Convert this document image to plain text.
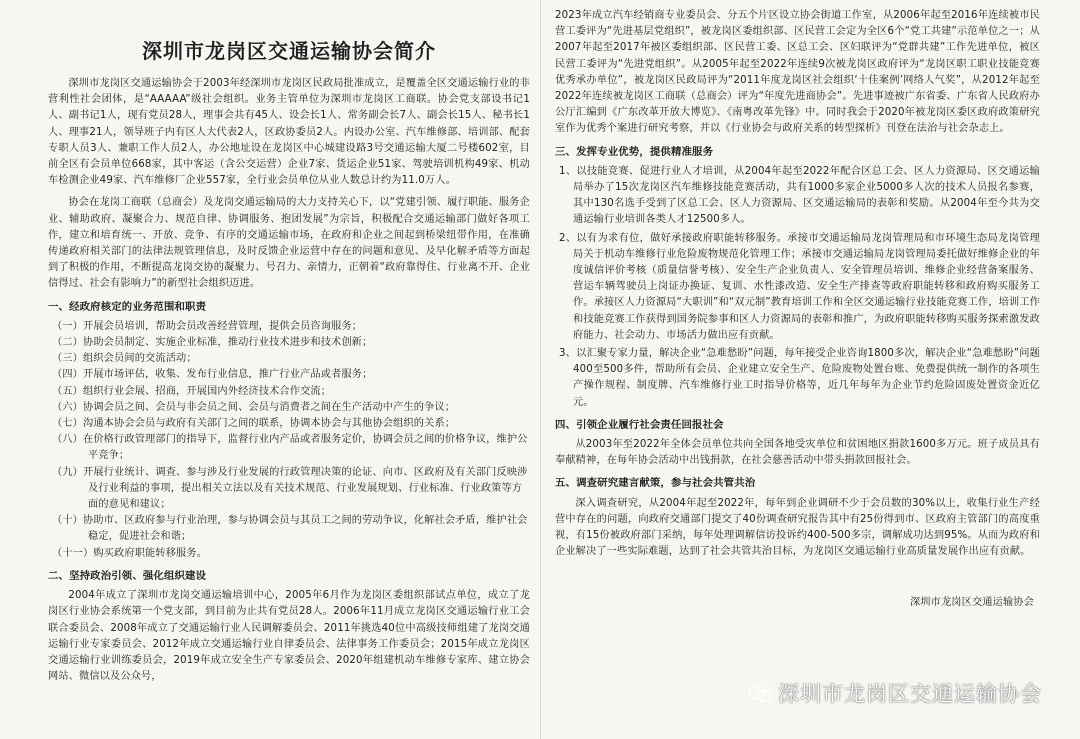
深圳市龙岗区交通运输协会简介
深圳市龙岗区交通运输协会于2003年经深圳市龙岗区民政局批准成立，是覆盖全区交通运输行业的非营利性社会团体，是“AAAAA”级社会组织。业务主管单位为深圳市龙岗区工商联。协会党支部设书记1人、副书记1人，现有党员28人，理事会共有45人、设会长1人、常务副会长7人、副会长15人、秘书长1人、理事21人，领导班子内有区人大代表2人，区政协委员2人。内设办公室、汽车维修部、培训部、配套专职人员3人、兼职工作人员2人，办公地址设在龙岗区中心城建设路3号交通运输大厦二号楼602室，目前全区有会员单位668家，其中客运（含公交运营）企业7家、货运企业51家、驾驶培训机构49家、机动车检测企业49家、汽车维修厂企业557家，全行业会员单位从业人数总计约为11.0万人。
协会在龙岗工商联（总商会）及龙岗交通运输局的大力支持关心下，以“党建引领、履行职能、服务企业、辅助政府、凝聚合力、规范自律、协调服务、抱团发展”为宗旨，积极配合交通运输部门做好各项工作，建立和培育统一、开放、竞争、有序的交通运输市场，在政府和企业之间起到桥梁纽带作用，在准确传递政府相关部门的法律法规管理信息，及时反馈企业运营中存在的问题和意见、及早化解矛盾等方面起到了积极的作用，不断提高龙岗交协的凝聚力、号召力、亲情力，正朝着“政府靠得住、行业离不开、企业信得过、社会有影响力”的新型社会组织迈进。
一、经政府核定的业务范围和职责
（一）开展会员培训，帮助会员改善经营管理，提供会员咨询服务；
（二）协助会员制定、实施企业标准，推动行业技术进步和技术创新；
（三）组织会员间的交流活动；
（四）开展市场评估，收集、发布行业信息，推广行业产品或者服务；
（五）组织行业会展、招商，开展国内外经济技术合作交流；
（六）协调会员之间、会员与非会员之间、会员与消费者之间在生产活动中产生的争议；
（七）沟通本协会会员与政府有关部门之间的联系，协调本协会与其他协会组织的关系；
（八）在价格行政管理部门的指导下，监督行业内产品或者服务定价，协调会员之间的价格争议，维护公平竞争；
（九）开展行业统计、调查、参与涉及行业发展的行政管理决策的论证、向市、区政府及有关部门反映涉及行业利益的事项，提出相关立法以及有关技术规范、行业发展规划、行业标准、行业政策等方面的意见和建议；
（十）协助市、区政府参与行业治理，参与协调会员与其员工之间的劳动争议，化解社会矛盾，维护社会稳定，促进社会和谐；
（十一）购买政府职能转移服务。
二、坚持政治引领、强化组织建设
2004年成立了深圳市龙岗交通运输培训中心，2005年6月作为龙岗区委组织部试点单位，成立了龙岗区行业协会系统第一个党支部，到目前为止共有党员28人。2006年11月成立龙岗区交通运输行业工会联合委员会、2008年成立了交通运输行业人民调解委员会、2011年挑选40位中高级技师组建了龙岗交通运输行业专家委员会、2012年成立交通运输行业自律委员会、法律事务工作委员会；2015年成立龙岗区交通运输行业训练委员会，2019年成立安全生产专家委员会、2020年组建机动车维修专家库、建立协会网站、微信以及公众号，
2023年成立汽车经销商专业委员会、分五个片区设立协会街道工作室，从2006年起至2016年连续被市民营工委评为“先进基层党组织”，被龙岗区委组织部、区民营工会定为全区6个“党工共建”示范单位之一；从2007年起至2017年被区委组织部、区民营工委、区总工会、区妇联评为“党群共建”工作先进单位，被区民营工委评为“先进党组织”。从2005年起至2022年连续9次被龙岗区政府评为“龙岗区职工职业技能竞赛优秀承办单位”，被龙岗区民政局评为“2011年度龙岗区社会组织‘十佳案例’网络人气奖”，从2012年起至2022年连续被龙岗区工商联（总商会）评为“年度先进商协会”。先进事迹被广东省委、广东省人民政府办公厅汇编到《广东改革开放大博览》、《南粤改革先锋》中。同时我会于2020年被龙岗区委区政府政策研究室作为优秀个案进行研究考察，并以《行业协会与政府关系的转型探析》刊登在法治与社会杂志上。
三、发挥专业优势，提供精准服务
1、以技能竞赛、促进行业人才培训，从2004年起至2022年配合区总工会、区人力资源局、区交通运输局举办了15次龙岗区汽车维修技能竞赛活动，共有1000多家企业5000多人次的技术人员报名参赛，其中130名选手受到了区总工会、区人力资源局、区交通运输局的表彰和奖励。从2004年至今共为交通运输行业培训各类人才12500多人。
2、以有为求有位，做好承接政府职能转移服务。承接市交通运输局龙岗管理局和市环境生态局龙岗管理局关于机动车维修行业危险废物规范化管理工作；承接市交通运输局龙岗管理局委托做好维修企业的年度诚信评价考核（质量信誉考核）、安全生产企业负责人、安全管理员培训、维修企业经营备案服务、营运车辆驾驶员上岗证办换证、复训、水性漆改造、安全生产排查等政府职能转移和政府购买服务工作。承接区人力资源局“大职训”和“双元制”教育培训工作和全区交通运输行业技能竞赛工作，培训工作和技能竞赛工作获得到国务院参事和区人力资源局的表彰和推广，为政府职能转移购买服务探索激发政府能力、社会动力、市场活力做出应有贡献。
3、以汇聚专家力量，解决企业“急难愁盼”问题，每年接受企业咨询1800多次，解决企业“急难愁盼”问题400至500多件，帮助所有会员、企业建立安全生产、危险废物处置台账、免费提供统一制作的各项生产操作规程、制度牌、汽车维修行业工时指导价格等，近几年每年为企业节约危险固废处置资金近亿元。
四、引领企业履行社会责任回报社会
从2003年至2022年全体会员单位共向全国各地受灾单位和贫困地区捐款1600多万元。班子成员具有奉献精神，在每年协会活动中出钱捐款，在社会慈善活动中带头捐款回报社会。
五、调查研究建言献策，参与社会共管共治
深入调查研究，从2004年起至2022年，每年到企业调研不少于会员数的30%以上，收集行业生产经营中存在的问题，向政府交通部门提交了40份调查研究报告其中有25份得到市、区政府主管部门的高度重视，有15份被政府部门采纳，每年处理调解信访投诉约400-500多宗，调解成功达到95%。从而为政府和企业解决了一些实际难题，达到了社会共管共治目标，为龙岗区交通运输行业高质量发展作出应有贡献。
深圳市龙岗区交通运输协会
深圳市龙岗区交通运输协会
